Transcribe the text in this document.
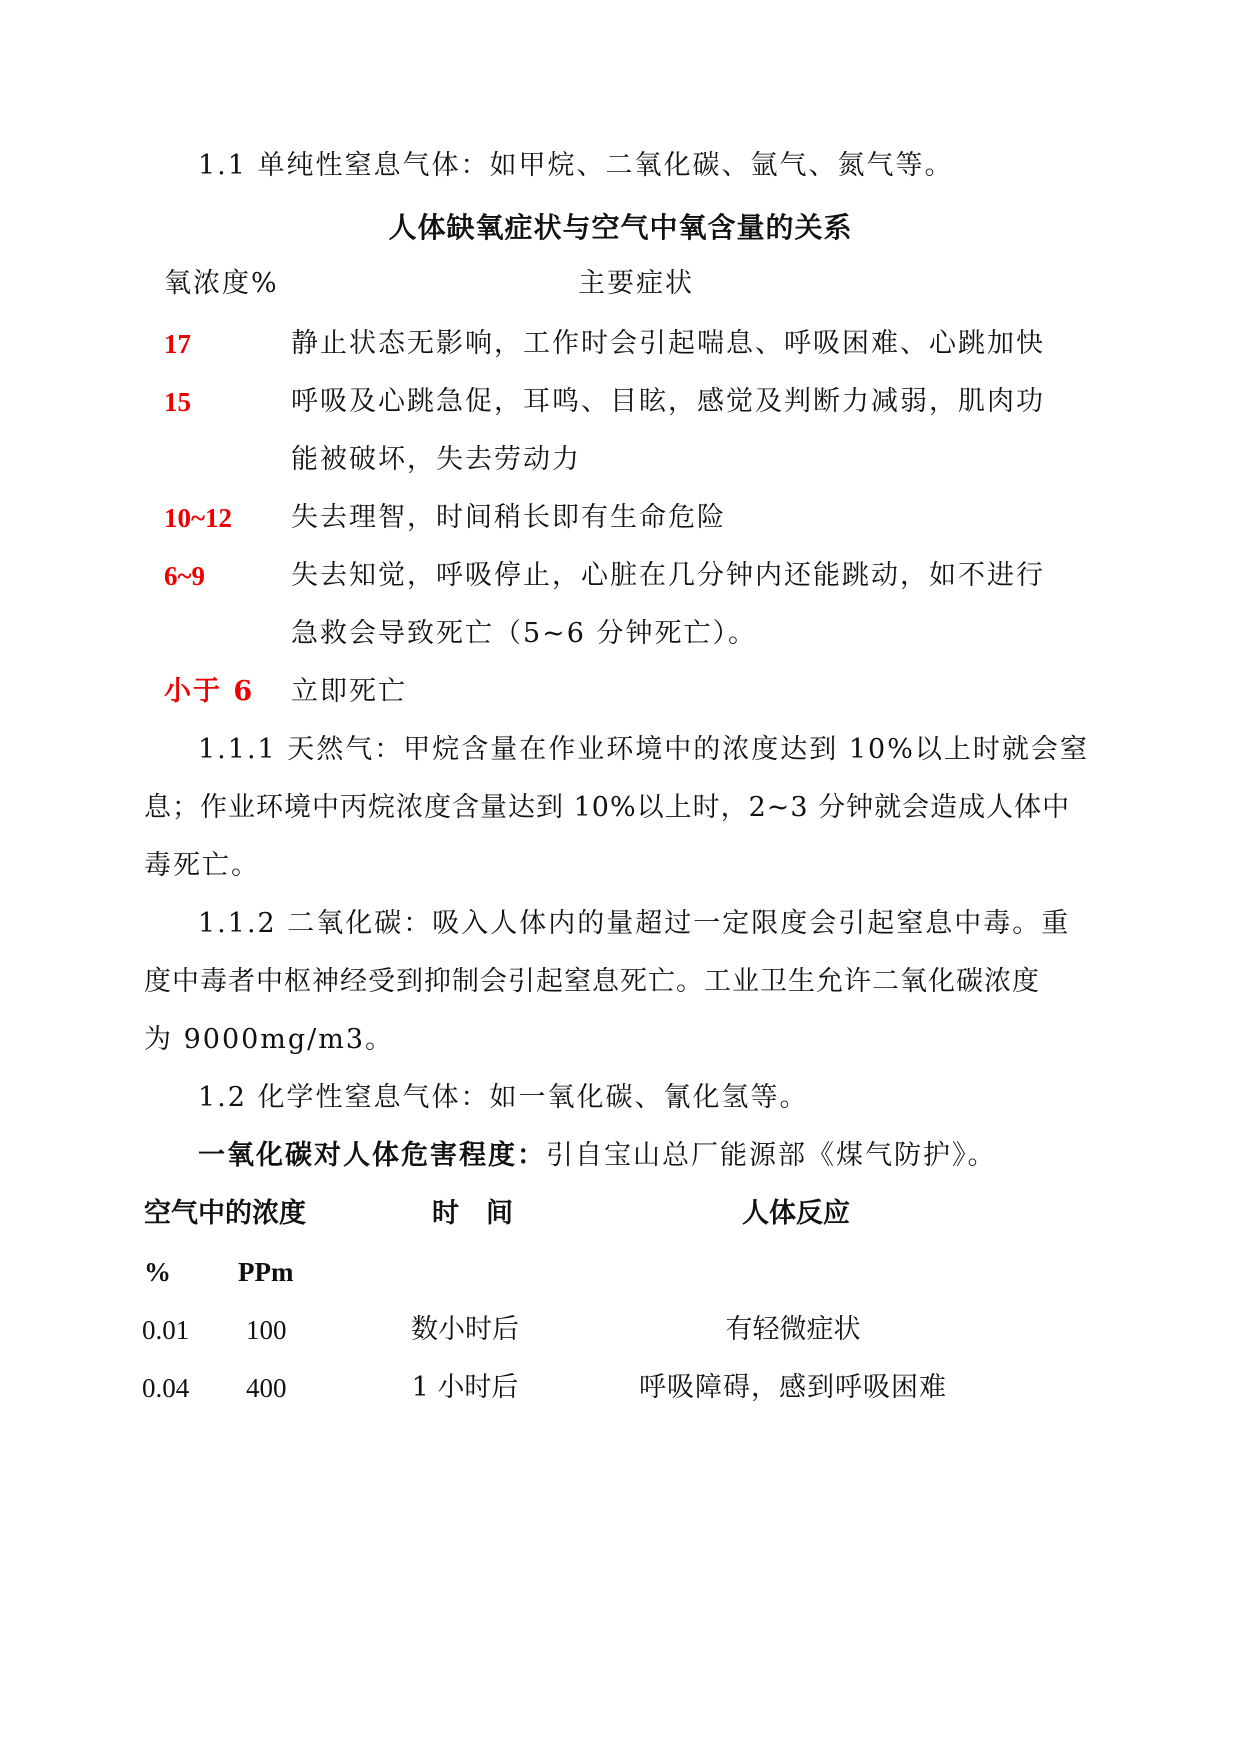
1.1 单纯性窒息气体：如甲烷、二氧化碳、氩气、氮气等。
人体缺氧症状与空气中氧含量的关系
氧浓度%	主要症状
17	静止状态无影响，工作时会引起喘息、呼吸困难、心跳加快
15	呼吸及心跳急促，耳鸣、目眩，感觉及判断力减弱，肌肉功
能被破坏，失去劳动力
10~12 失去理智，时间稍长即有生命危险
6~9	失去知觉，呼吸停止，心脏在几分钟内还能跳动，如不进行
急救会导致死亡（5~6 分钟死亡）。
小于 6 立即死亡
1.1.1 天然气：甲烷含量在作业环境中的浓度达到 10%以上时就会窒
息；作业环境中丙烷浓度含量达到 10%以上时，2~3 分钟就会造成人体中
毒死亡。
1.1.2 二氧化碳：吸入人体内的量超过一定限度会引起窒息中毒。重
度中毒者中枢神经受到抑制会引起窒息死亡。工业卫生允许二氧化碳浓度
为 9000mg/m3。
1.2 化学性窒息气体：如一氧化碳、氰化氢等。
一氧化碳对人体危害程度：引自宝山总厂能源部《煤气防护》。
空气中的浓度	时　间	人体反应
% PPm
0.01 100	数小时后	有轻微症状
0.04 400	1 小时后	呼吸障碍，感到呼吸困难
